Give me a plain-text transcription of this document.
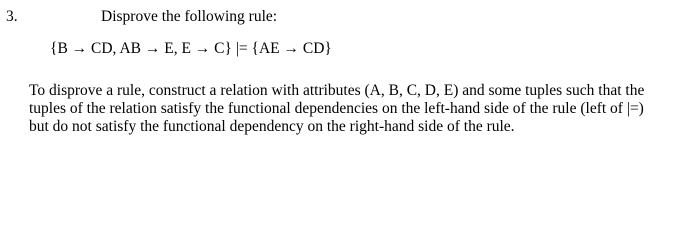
3.	Disprove the following rule:
{B → CD, AB → E, E → C} |= {AE → CD}

To disprove a rule, construct a relation with attributes (A, B, C, D, E) and some tuples such that the
tuples of the relation satisfy the functional dependencies on the left-hand side of the rule (left of |=)
but do not satisfy the functional dependency on the right-hand side of the rule.
